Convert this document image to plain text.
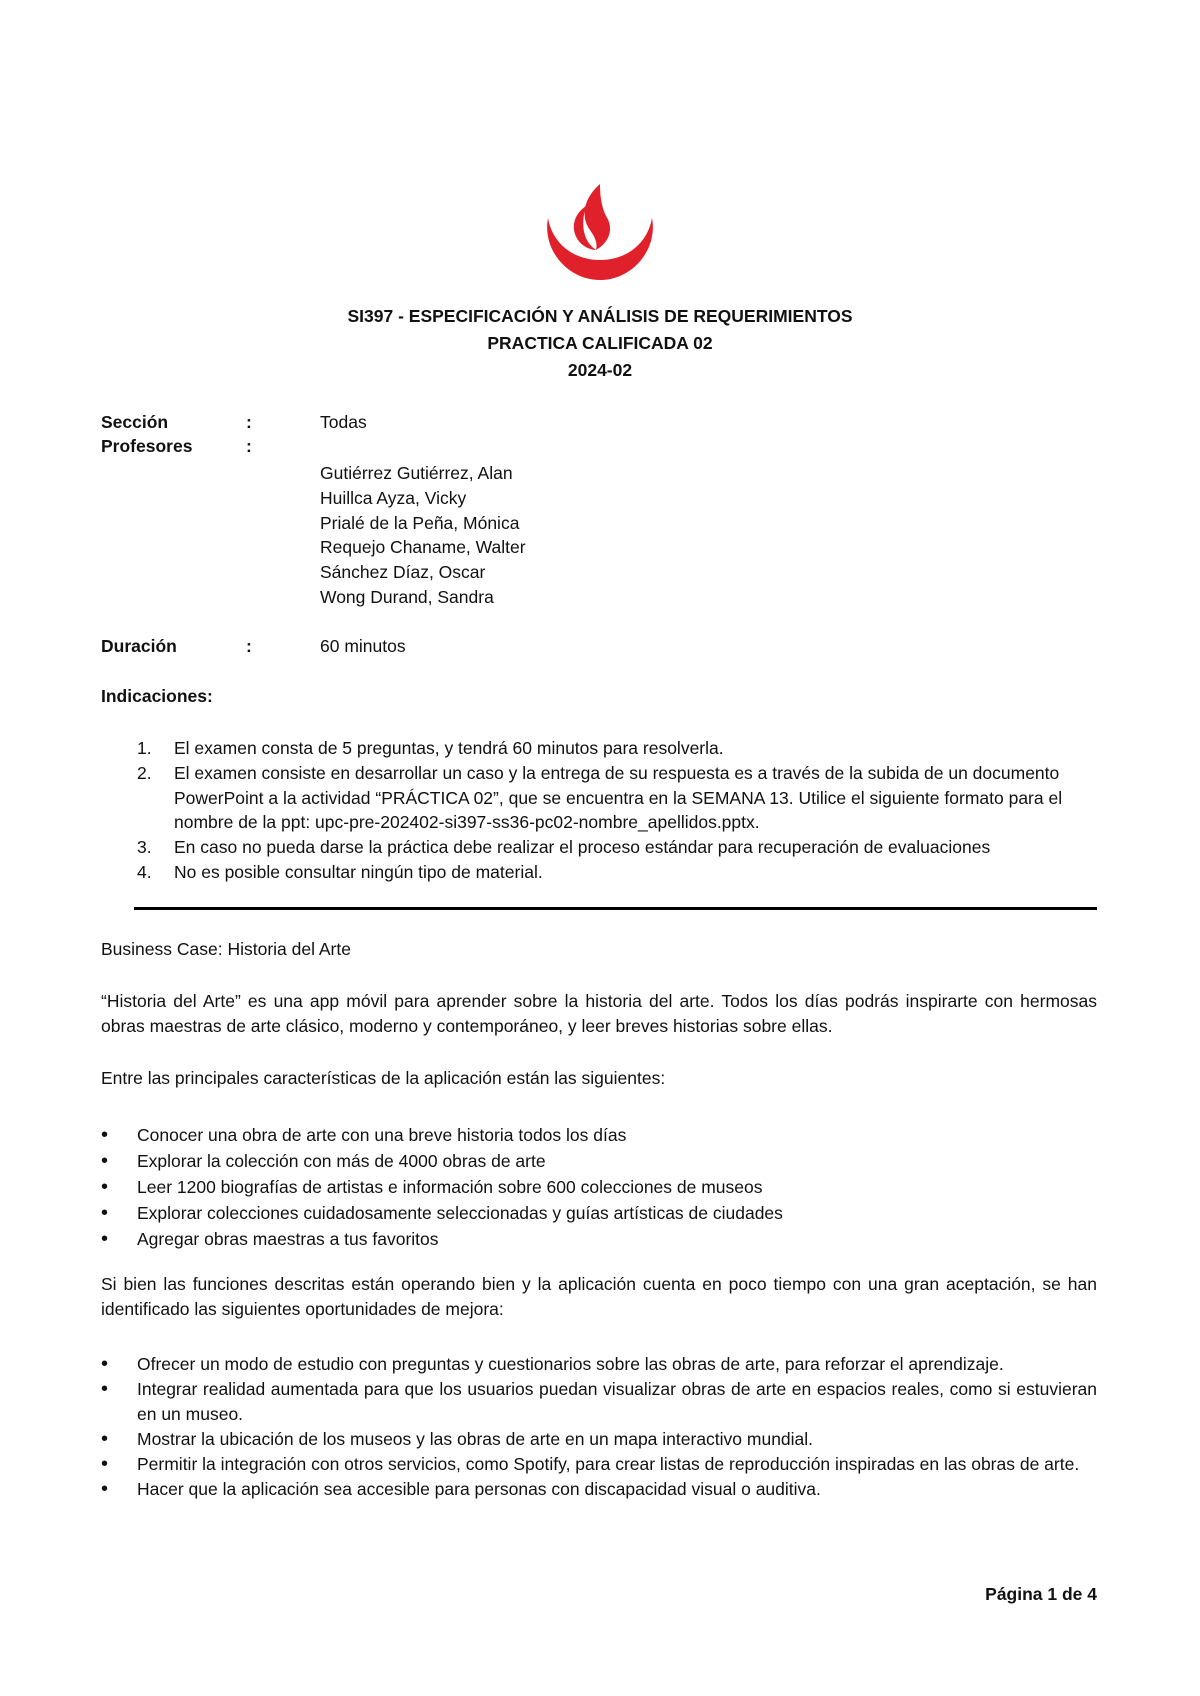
SI397 - ESPECIFICACIÓN Y ANÁLISIS DE REQUERIMIENTOS
PRACTICA CALIFICADA 02
2024-02
Sección	:	Todas
Profesores	:
Gutiérrez Gutiérrez, Alan
Huillca Ayza, Vicky
Prialé de la Peña, Mónica
Requejo Chaname, Walter
Sánchez Díaz, Oscar
Wong Durand, Sandra
Duración	:	60 minutos
Indicaciones:
1. El examen consta de 5 preguntas, y tendrá 60 minutos para resolverla.
2. El examen consiste en desarrollar un caso y la entrega de su respuesta es a través de la subida de un documento PowerPoint a la actividad “PRÁCTICA 02”, que se encuentra en la SEMANA 13. Utilice el siguiente formato para el nombre de la ppt: upc-pre-202402-si397-ss36-pc02-nombre_apellidos.pptx.
3. En caso no pueda darse la práctica debe realizar el proceso estándar para recuperación de evaluaciones
4. No es posible consultar ningún tipo de material.
Business Case: Historia del Arte

“Historia del Arte” es una app móvil para aprender sobre la historia del arte. Todos los días podrás inspirarte con hermosas obras maestras de arte clásico, moderno y contemporáneo, y leer breves historias sobre ellas.

Entre las principales características de la aplicación están las siguientes:

• Conocer una obra de arte con una breve historia todos los días
• Explorar la colección con más de 4000 obras de arte
• Leer 1200 biografías de artistas e información sobre 600 colecciones de museos
• Explorar colecciones cuidadosamente seleccionadas y guías artísticas de ciudades
• Agregar obras maestras a tus favoritos

Si bien las funciones descritas están operando bien y la aplicación cuenta en poco tiempo con una gran aceptación, se han identificado las siguientes oportunidades de mejora:

• Ofrecer un modo de estudio con preguntas y cuestionarios sobre las obras de arte, para reforzar el aprendizaje.
• Integrar realidad aumentada para que los usuarios puedan visualizar obras de arte en espacios reales, como si estuvieran en un museo.
• Mostrar la ubicación de los museos y las obras de arte en un mapa interactivo mundial.
• Permitir la integración con otros servicios, como Spotify, para crear listas de reproducción inspiradas en las obras de arte.
• Hacer que la aplicación sea accesible para personas con discapacidad visual o auditiva.
Página 1 de 4
